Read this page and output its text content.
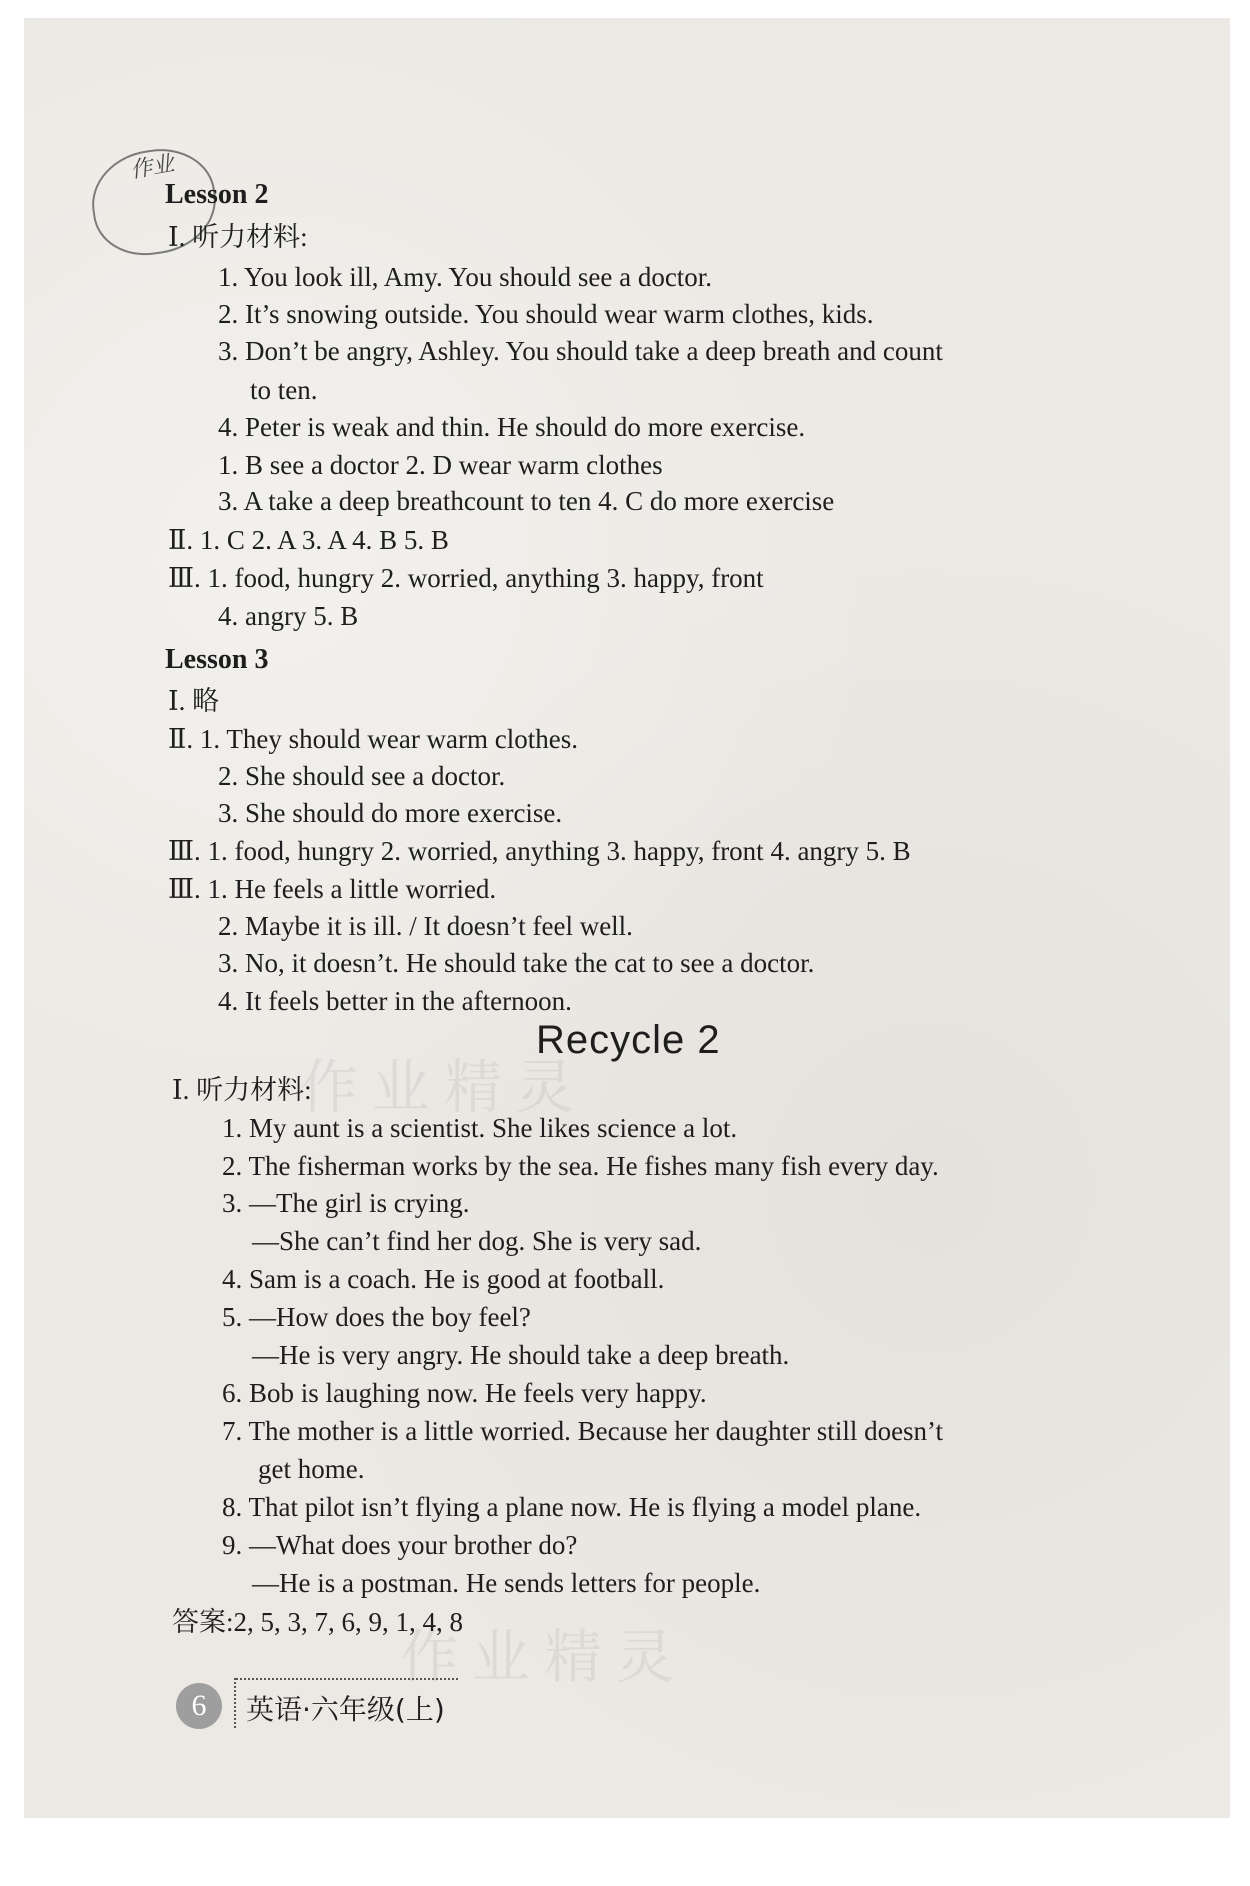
作业
作业精灵
作业精灵
Lesson 2
Ⅰ. 听力材料:
1. You look ill, Amy. You should see a doctor.
2. It’s snowing outside. You should wear warm clothes, kids.
3. Don’t be angry, Ashley. You should take a deep breath and count
to ten.
4. Peter is weak and thin. He should do more exercise.
1. B see a doctor 2. D wear warm clothes
3. A take a deep breathcount to ten 4. C do more exercise
Ⅱ. 1. C 2. A 3. A 4. B 5. B
Ⅲ. 1. food, hungry 2. worried, anything 3. happy, front
4. angry 5. B
Lesson 3
Ⅰ. 略
Ⅱ. 1. They should wear warm clothes.
2. She should see a doctor.
3. She should do more exercise.
Ⅲ. 1. food, hungry 2. worried, anything 3. happy, front 4. angry 5. B
Ⅲ. 1. He feels a little worried.
2. Maybe it is ill. / It doesn’t feel well.
3. No, it doesn’t. He should take the cat to see a doctor.
4. It feels better in the afternoon.
Recycle 2
Ⅰ. 听力材料:
1. My aunt is a scientist. She likes science a lot.
2. The fisherman works by the sea. He fishes many fish every day.
3. —The girl is crying.
—She can’t find her dog. She is very sad.
4. Sam is a coach. He is good at football.
5. —How does the boy feel?
—He is very angry. He should take a deep breath.
6. Bob is laughing now. He feels very happy.
7. The mother is a little worried. Because her daughter still doesn’t
get home.
8. That pilot isn’t flying a plane now. He is flying a model plane.
9. —What does your brother do?
—He is a postman. He sends letters for people.
答案:2, 5, 3, 7, 6, 9, 1, 4, 8
6	英语·六年级(上)
